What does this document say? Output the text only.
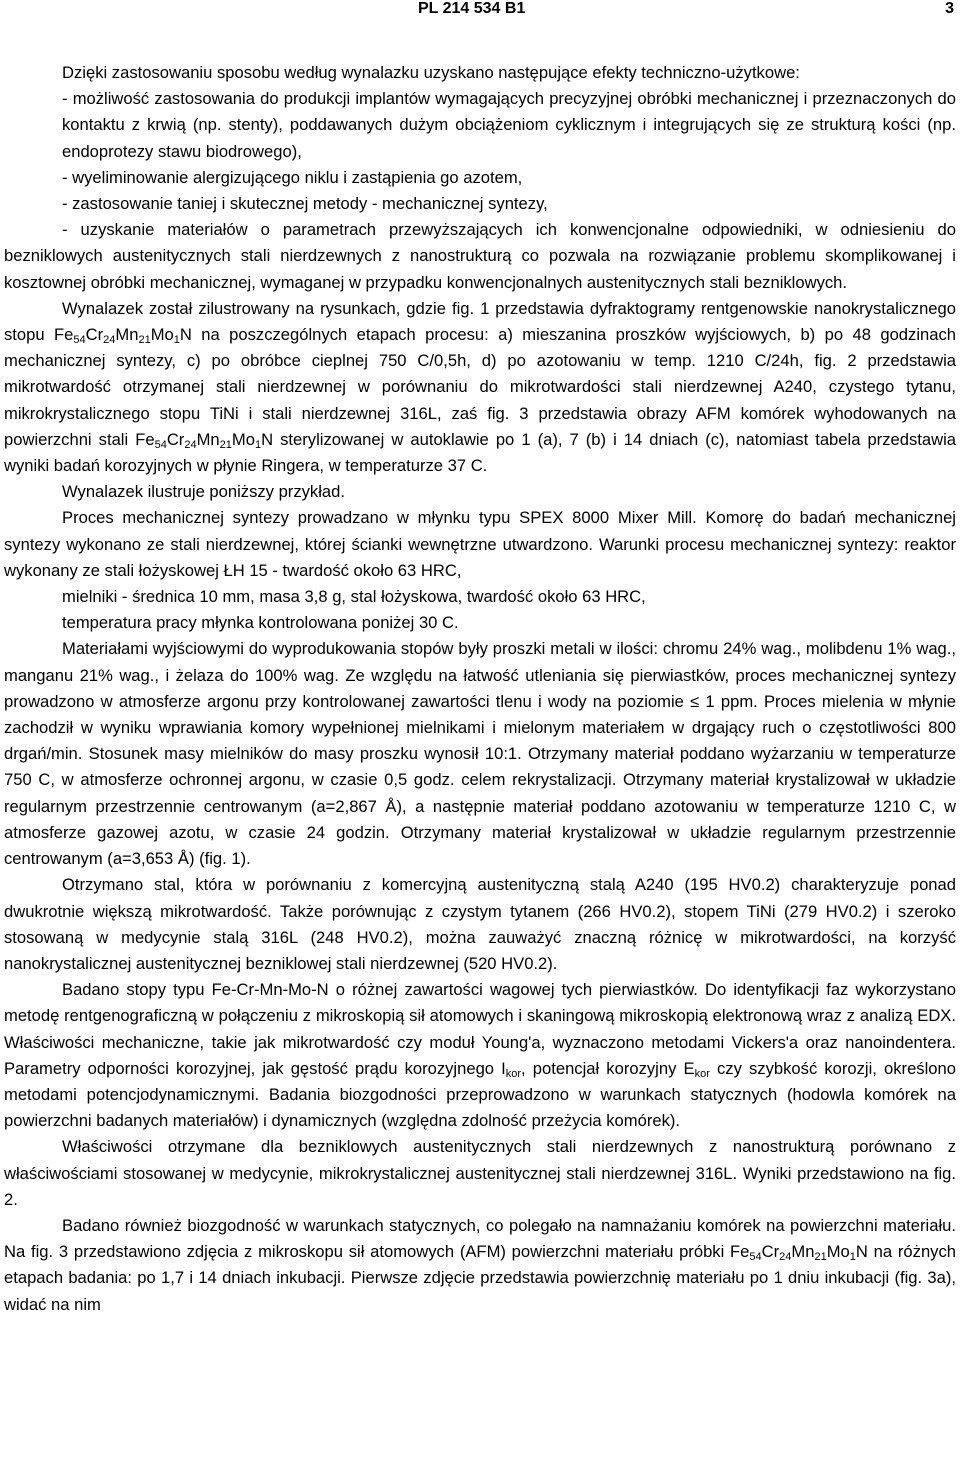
PL 214 534 B1	3

Dzięki zastosowaniu sposobu według wynalazku uzyskano następujące efekty techniczno-użytkowe:

- możliwość zastosowania do produkcji implantów wymagających precyzyjnej obróbki mechanicznej i przeznaczonych do kontaktu z krwią (np. stenty), poddawanych dużym obciążeniom cyklicznym i integrujących się ze strukturą kości (np. endoprotezy stawu biodrowego),

- wyeliminowanie alergizującego niklu i zastąpienia go azotem,

- zastosowanie taniej i skutecznej metody - mechanicznej syntezy,

- uzyskanie materiałów o parametrach przewyższających ich konwencjonalne odpowiedniki, w odniesieniu do bezniklowych austenitycznych stali nierdzewnych z nanostrukturą co pozwala na rozwiązanie problemu skomplikowanej i kosztownej obróbki mechanicznej, wymaganej w przypadku konwencjonalnych austenitycznych stali bezniklowych.

Wynalazek został zilustrowany na rysunkach, gdzie fig. 1 przedstawia dyfraktogramy rentgenowskie nanokrystalicznego stopu $Fe_{54}Cr_{24}Mn_{21}Mo_1N$ na poszczególnych etapach procesu: a) mieszanina proszków wyjściowych, b) po 48 godzinach mechanicznej syntezy, c) po obróbce cieplnej 750 C/0,5h, d) po azotowaniu w temp. 1210 C/24h, fig. 2 przedstawia mikrotwardość otrzymanej stali nierdzewnej w porównaniu do mikrotwardości stali nierdzewnej A240, czystego tytanu, mikrokrystalicznego stopu TiNi i stali nierdzewnej 316L, zaś fig. 3 przedstawia obrazy AFM komórek wyhodowanych na powierzchni stali $Fe_{54}Cr_{24}Mn_{21}Mo_1N$ sterylizowanej w autoklawie po 1 (a), 7 (b) i 14 dniach (c), natomiast tabela przedstawia wyniki badań korozyjnych w płynie Ringera, w temperaturze 37 C.

Wynalazek ilustruje poniższy przykład.

Proces mechanicznej syntezy prowadzano w młynku typu SPEX 8000 Mixer Mill. Komorę do badań mechanicznej syntezy wykonano ze stali nierdzewnej, której ścianki wewnętrzne utwardzono. Warunki procesu mechanicznej syntezy: reaktor wykonany ze stali łożyskowej ŁH 15 - twardość około 63 HRC,

mielniki - średnica 10 mm, masa 3,8 g, stal łożyskowa, twardość około 63 HRC,

temperatura pracy młynka kontrolowana poniżej 30 C.

Materiałami wyjściowymi do wyprodukowania stopów były proszki metali w ilości: chromu 24% wag., molibdenu 1% wag., manganu 21% wag., i żelaza do 100% wag. Ze względu na łatwość utleniania się pierwiastków, proces mechanicznej syntezy prowadzono w atmosferze argonu przy kontrolowanej zawartości tlenu i wody na poziomie ≤ 1 ppm. Proces mielenia w młynie zachodził w wyniku wprawiania komory wypełnionej mielnikami i mielonym materiałem w drgający ruch o częstotliwości 800 drgań/min. Stosunek masy mielników do masy proszku wynosił 10:1. Otrzymany materiał poddano wyżarzaniu w temperaturze 750 C, w atmosferze ochronnej argonu, w czasie 0,5 godz. celem rekrystalizacji. Otrzymany materiał krystalizował w układzie regularnym przestrzennie centrowanym (a=2,867 Å), a następnie materiał poddano azotowaniu w temperaturze 1210 C, w atmosferze gazowej azotu, w czasie 24 godzin. Otrzymany materiał krystalizował w układzie regularnym przestrzennie centrowanym (a=3,653 Å) (fig. 1).

Otrzymano stal, która w porównaniu z komercyjną austenityczną stalą A240 (195 HV0.2) charakteryzuje ponad dwukrotnie większą mikrotwardość. Także porównując z czystym tytanem (266 HV0.2), stopem TiNi (279 HV0.2) i szeroko stosowaną w medycynie stalą 316L (248 HV0.2), można zauważyć znaczną różnicę w mikrotwardości, na korzyść nanokrystalicznej austenitycznej bezniklowej stali nierdzewnej (520 HV0.2).

Badano stopy typu Fe-Cr-Mn-Mo-N o różnej zawartości wagowej tych pierwiastków. Do identyfikacji faz wykorzystano metodę rentgenograficzną w połączeniu z mikroskopią sił atomowych i skaningową mikroskopią elektronową wraz z analizą EDX. Właściwości mechaniczne, takie jak mikrotwardość czy moduł Young'a, wyznaczono metodami Vickers'a oraz nanoindentera. Parametry odporności korozyjnej, jak gęstość prądu korozyjnego $I_{kor}$, potencjał korozyjny $E_{kor}$ czy szybkość korozji, określono metodami potencjodynamicznymi. Badania biozgodności przeprowadzono w warunkach statycznych (hodowla komórek na powierzchni badanych materiałów) i dynamicznych (względna zdolność przeżycia komórek).

Właściwości otrzymane dla bezniklowych austenitycznych stali nierdzewnych z nanostrukturą porównano z właściwościami stosowanej w medycynie, mikrokrystalicznej austenitycznej stali nierdzewnej 316L. Wyniki przedstawiono na fig. 2.

Badano również biozgodność w warunkach statycznych, co polegało na namnażaniu komórek na powierzchni materiału. Na fig. 3 przedstawiono zdjęcia z mikroskopu sił atomowych (AFM) powierzchni materiału próbki $Fe_{54}Cr_{24}Mn_{21}Mo_1N$ na różnych etapach badania: po 1,7 i 14 dniach inkubacji. Pierwsze zdjęcie przedstawia powierzchnię materiału po 1 dniu inkubacji (fig. 3a), widać na nim
